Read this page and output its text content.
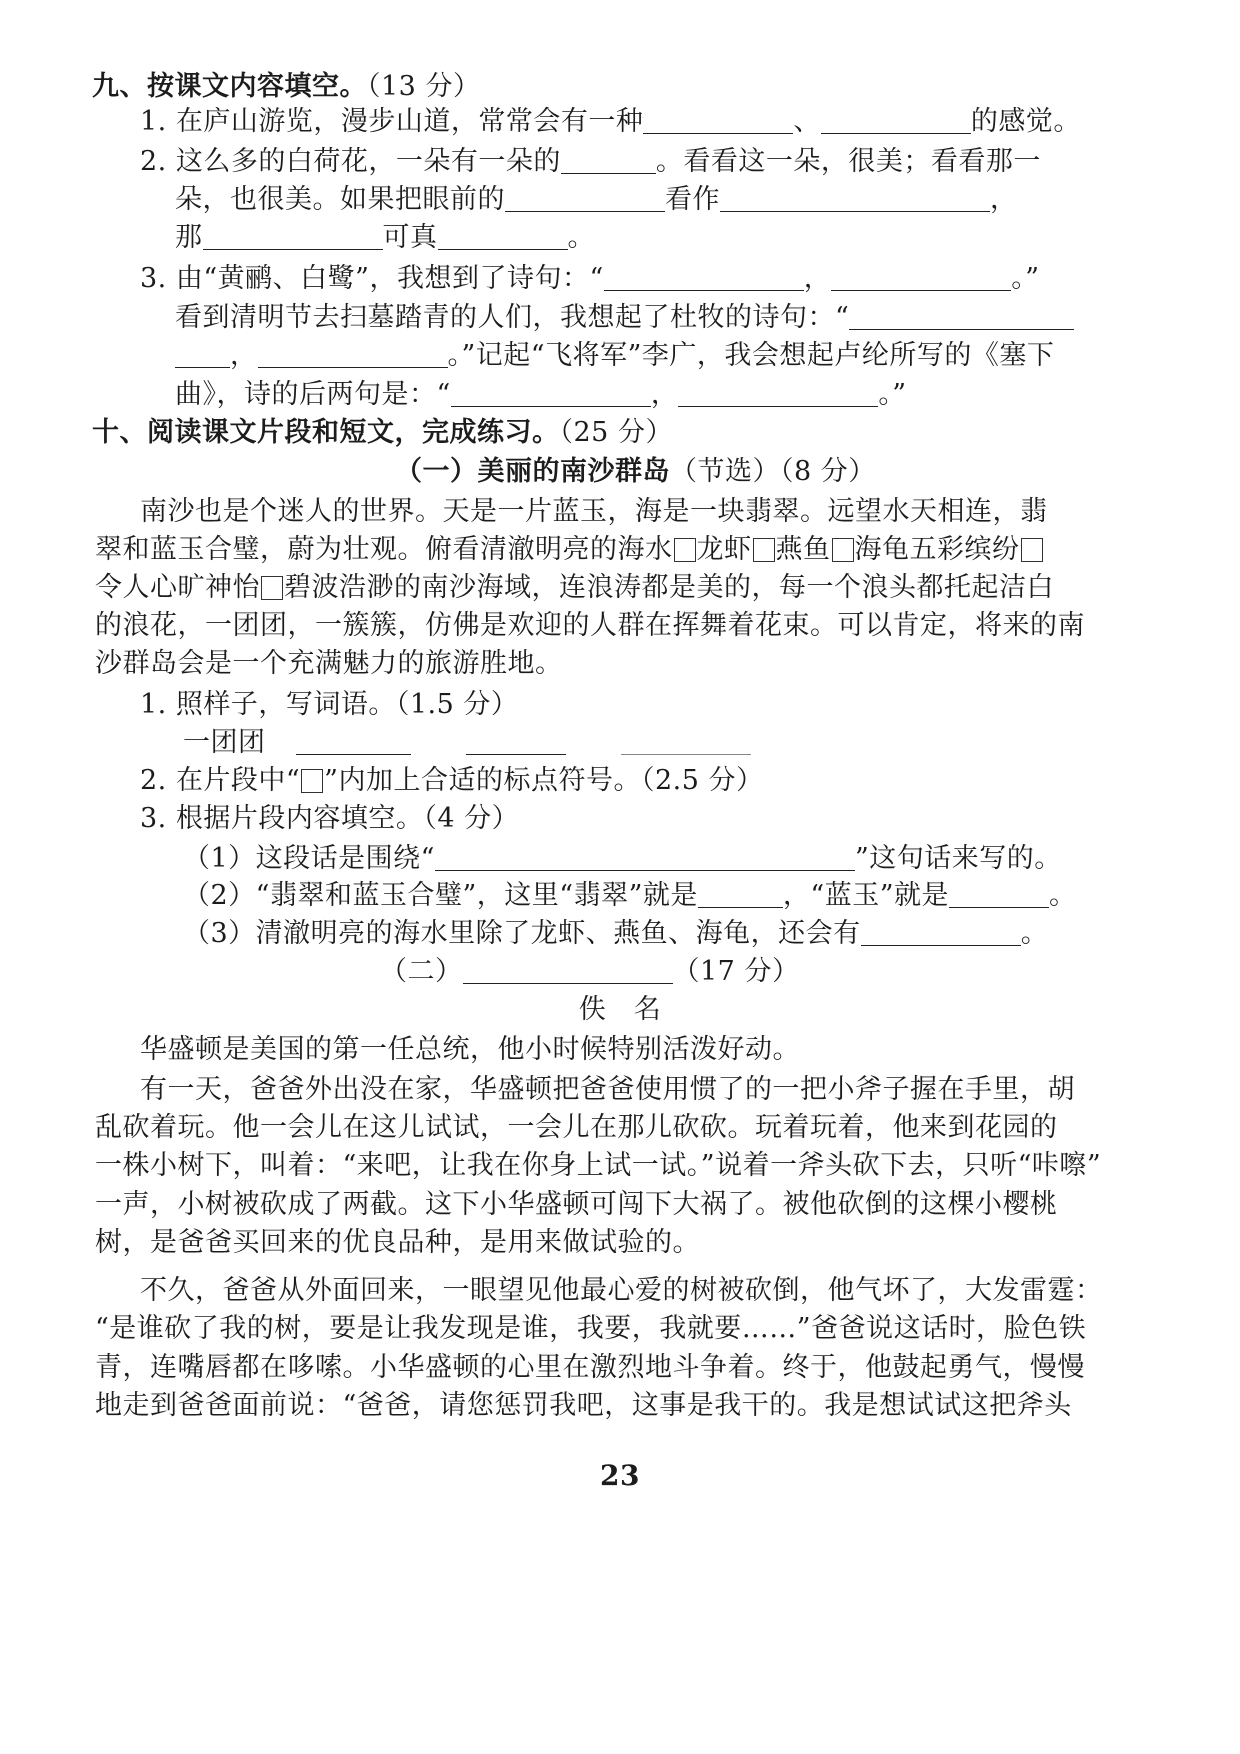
九、按课文内容填空。（13 分）
1. 在庐山游览，漫步山道，常常会有一种	、	的感觉。
2. 这么多的白荷花，一朵有一朵的	。看看这一朵，很美；看看那一
朵，也很美。如果把眼前的	看作	，
那	可真	。
3. 由“黄鹂、白鹭”，我想到了诗句：“	，	。”
看到清明节去扫墓踏青的人们，我想起了杜牧的诗句：“
，	。”记起“飞将军”李广，我会想起卢纶所写的《塞下
曲》，诗的后两句是：“	，	。”
十、阅读课文片段和短文，完成练习。（25 分）
（一）美丽的南沙群岛（节选）（8 分）
南沙也是个迷人的世界。天是一片蓝玉，海是一块翡翠。远望水天相连，翡
翠和蓝玉合璧，蔚为壮观。俯看清澈明亮的海水 龙虾 燕鱼 海龟五彩缤纷
令人心旷神怡 碧波浩渺的南沙海域，连浪涛都是美的，每一个浪头都托起洁白
的浪花，一团团，一簇簇，仿佛是欢迎的人群在挥舞着花束。可以肯定，将来的南
沙群岛会是一个充满魅力的旅游胜地。
1. 照样子，写词语。（1.5 分）
一团团
2. 在片段中“ ”内加上合适的标点符号。（2.5 分）
3. 根据片段内容填空。（4 分）
（1）这段话是围绕“	”这句话来写的。
（2）“翡翠和蓝玉合璧”，这里“翡翠”就是	，“蓝玉”就是	。
（3）清澈明亮的海水里除了龙虾、燕鱼、海龟，还会有	。
（二）	（17 分）
佚　名
华盛顿是美国的第一任总统，他小时候特别活泼好动。
有一天，爸爸外出没在家，华盛顿把爸爸使用惯了的一把小斧子握在手里，胡
乱砍着玩。他一会儿在这儿试试，一会儿在那儿砍砍。玩着玩着，他来到花园的
一株小树下，叫着：“来吧，让我在你身上试一试。”说着一斧头砍下去，只听“咔嚓”
一声，小树被砍成了两截。这下小华盛顿可闯下大祸了。被他砍倒的这棵小樱桃
树，是爸爸买回来的优良品种，是用来做试验的。
不久，爸爸从外面回来，一眼望见他最心爱的树被砍倒，他气坏了，大发雷霆：
“是谁砍了我的树，要是让我发现是谁，我要，我就要……”爸爸说这话时，脸色铁
青，连嘴唇都在哆嗦。小华盛顿的心里在激烈地斗争着。终于，他鼓起勇气，慢慢
地走到爸爸面前说：“爸爸，请您惩罚我吧，这事是我干的。我是想试试这把斧头
23
